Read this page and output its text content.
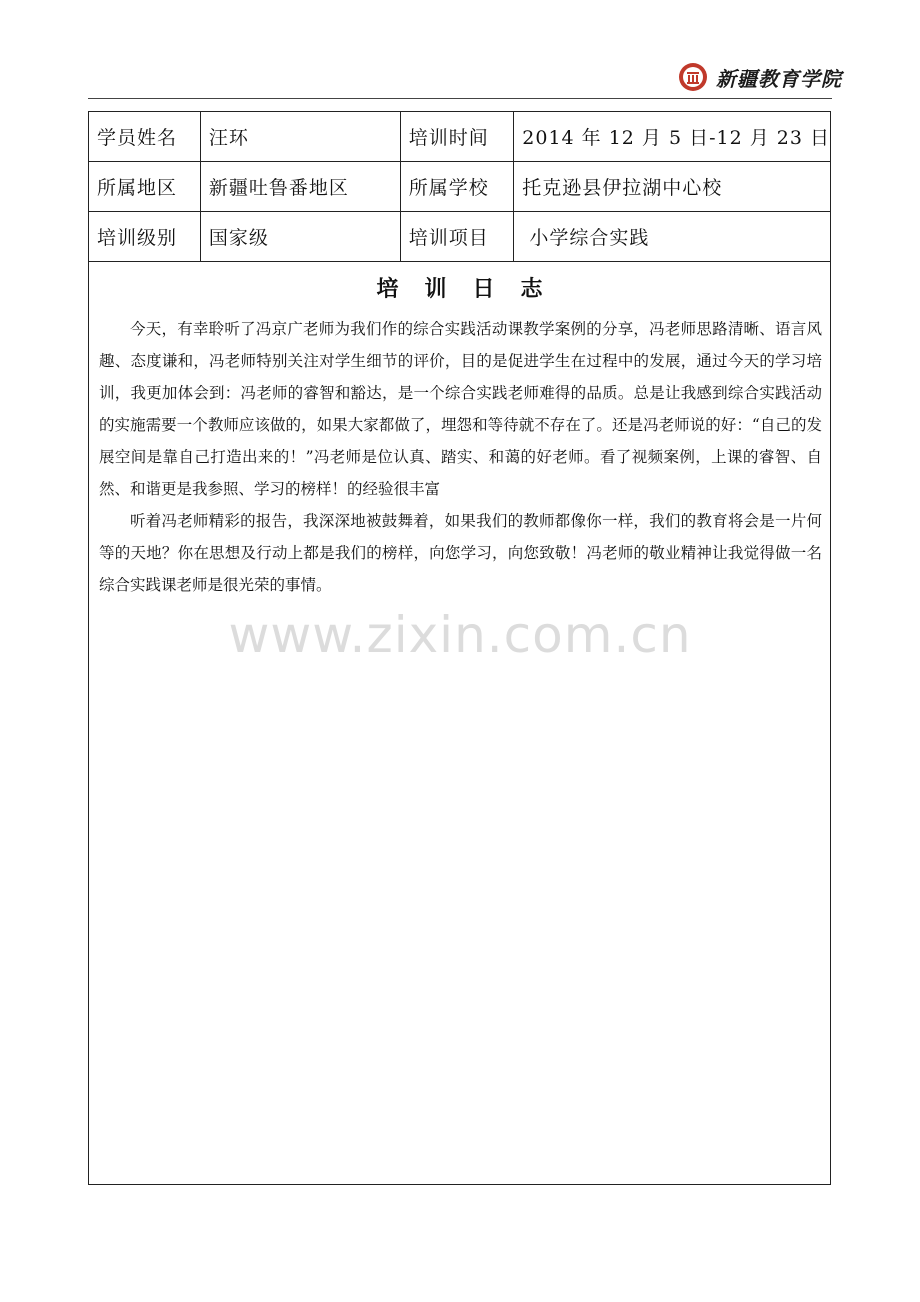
新疆教育学院
学员姓名	汪环	培训时间	2014 年 12 月 5 日-12 月 23 日
所属地区	新疆吐鲁番地区	所属学校	托克逊县伊拉湖中心校
培训级别	国家级	培训项目	小学综合实践
培训日志

今天，有幸聆听了冯京广老师为我们作的综合实践活动课教学案例的分享，冯老师思路清晰、语言风趣、态度谦和，冯老师特别关注对学生细节的评价，目的是促进学生在过程中的发展，通过今天的学习培训，我更加体会到：冯老师的睿智和豁达，是一个综合实践老师难得的品质。总是让我感到综合实践活动的实施需要一个教师应该做的，如果大家都做了，埋怨和等待就不存在了。还是冯老师说的好：“自己的发展空间是靠自己打造出来的！”冯老师是位认真、踏实、和蔼的好老师。看了视频案例，上课的睿智、自然、和谐更是我参照、学习的榜样！的经验很丰富

听着冯老师精彩的报告，我深深地被鼓舞着，如果我们的教师都像你一样，我们的教育将会是一片何等的天地？你在思想及行动上都是我们的榜样，向您学习，向您致敬！冯老师的敬业精神让我觉得做一名综合实践课老师是很光荣的事情。

www.zixin.com.cn
